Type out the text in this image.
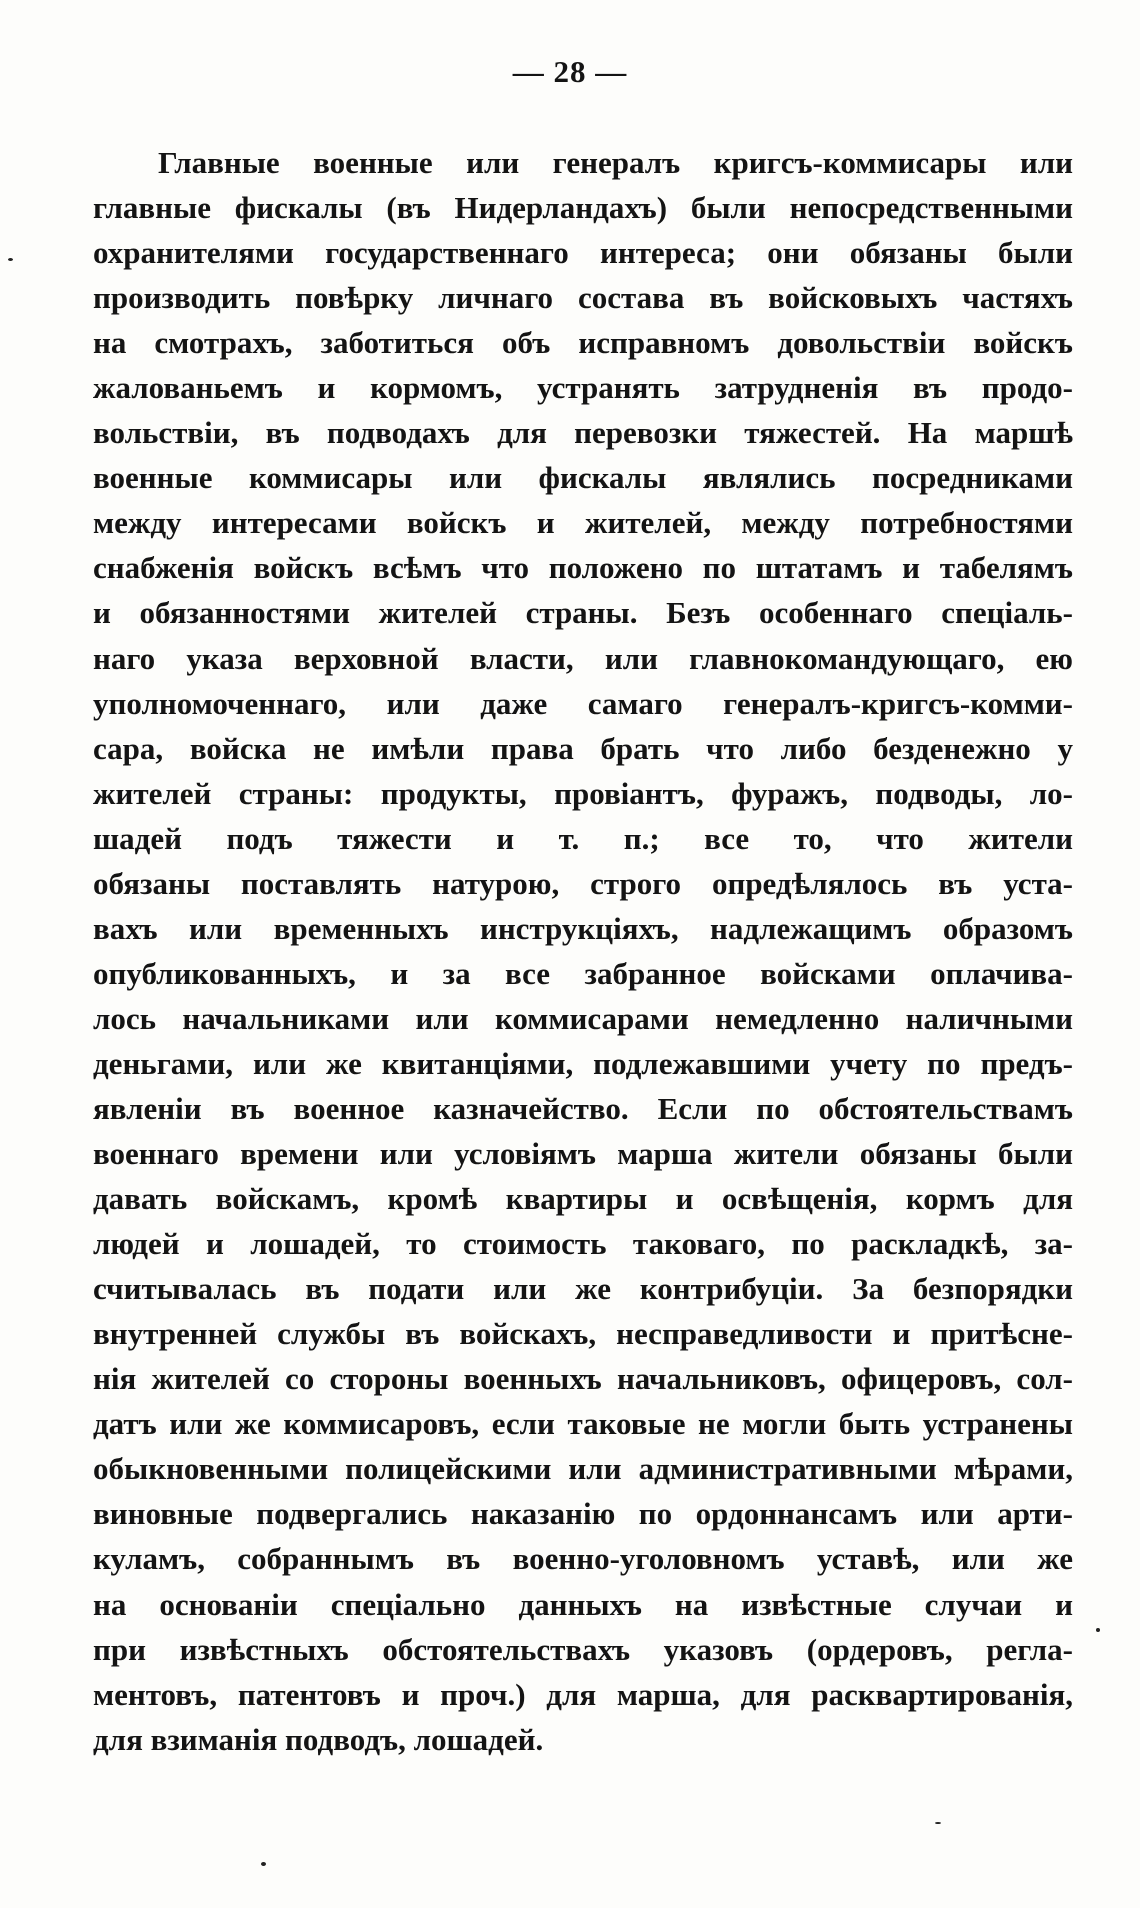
— 28 —
Главные военные или генералъ кригсъ-коммисары или
главные фискалы (въ Нидерландахъ) были непосредственными
охранителями государственнаго интереса; они обязаны были
производить повѣрку личнаго состава въ войсковыхъ частяхъ
на смотрахъ, заботиться объ исправномъ довольствіи войскъ
жалованьемъ и кормомъ, устранять затрудненія въ продо-
вольствіи, въ подводахъ для перевозки тяжестей. На маршѣ
военные коммисары или фискалы являлись посредниками
между интересами войскъ и жителей, между потребностями
снабженія войскъ всѣмъ что положено по штатамъ и табелямъ
и обязанностями жителей страны. Безъ особеннаго спеціаль-
наго указа верховной власти, или главнокомандующаго, ею
уполномоченнаго, или даже самаго генералъ-кригсъ-комми-
сара, войска не имѣли права брать что либо безденежно у
жителей страны: продукты, провіантъ, фуражъ, подводы, ло-
шадей подъ тяжести и т. п.; все то, что жители
обязаны поставлять натурою, строго опредѣлялось въ уста-
вахъ или временныхъ инструкціяхъ, надлежащимъ образомъ
опубликованныхъ, и за все забранное войсками оплачива-
лось начальниками или коммисарами немедленно наличными
деньгами, или же квитанціями, подлежавшими учету по предъ-
явленіи въ военное казначейство. Если по обстоятельствамъ
военнаго времени или условіямъ марша жители обязаны были
давать войскамъ, кромѣ квартиры и освѣщенія, кормъ для
людей и лошадей, то стоимость таковаго, по раскладкѣ, за-
считывалась въ подати или же контрибуціи. За безпорядки
внутренней службы въ войскахъ, несправедливости и притѣсне-
нія жителей со стороны военныхъ начальниковъ, офицеровъ, сол-
датъ или же коммисаровъ, если таковые не могли быть устранены
обыкновенными полицейскими или административными мѣрами,
виновные подвергались наказанію по ордоннансамъ или арти-
куламъ, собраннымъ въ военно-уголовномъ уставѣ, или же
на основаніи спеціально данныхъ на извѣстные случаи и
при извѣстныхъ обстоятельствахъ указовъ (ордеровъ, регла-
ментовъ, патентовъ и проч.) для марша, для расквартированія,
для взиманія подводъ, лошадей.
